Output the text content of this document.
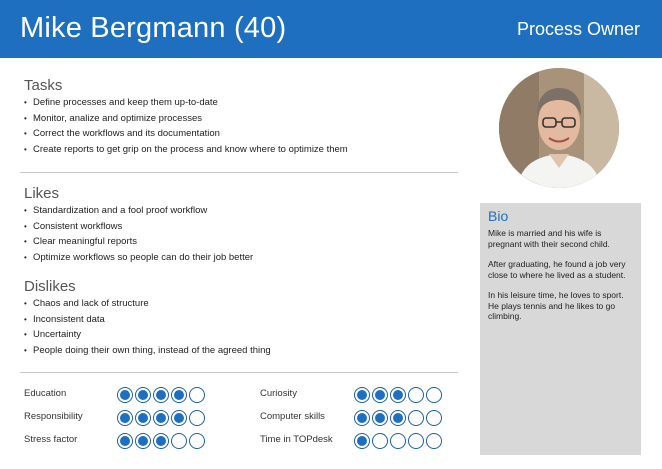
Mike Bergmann (40)	Process Owner
Tasks
• Define processes and keep them up-to-date
• Monitor, analize and optimize processes
• Correct the workflows and its documentation
• Create reports to get grip on the process and know where to optimize them
Likes
• Standardization and a fool proof workflow
• Consistent workflows
• Clear meaningful reports
• Optimize workflows so people can do their job better
Dislikes
• Chaos and lack of structure
• Inconsistent data
• Uncertainty
• People doing their own thing, instead of the agreed thing
Bio

Mike is married and his wife is pregnant with their second child.

After graduating, he found a job very close to where he lived as a student.

In his leisure time, he loves to sport. He plays tennis and he likes to go climbing.

Education
Responsibility
Stress factor
Curiosity
Computer skills
Time in TOPdesk
